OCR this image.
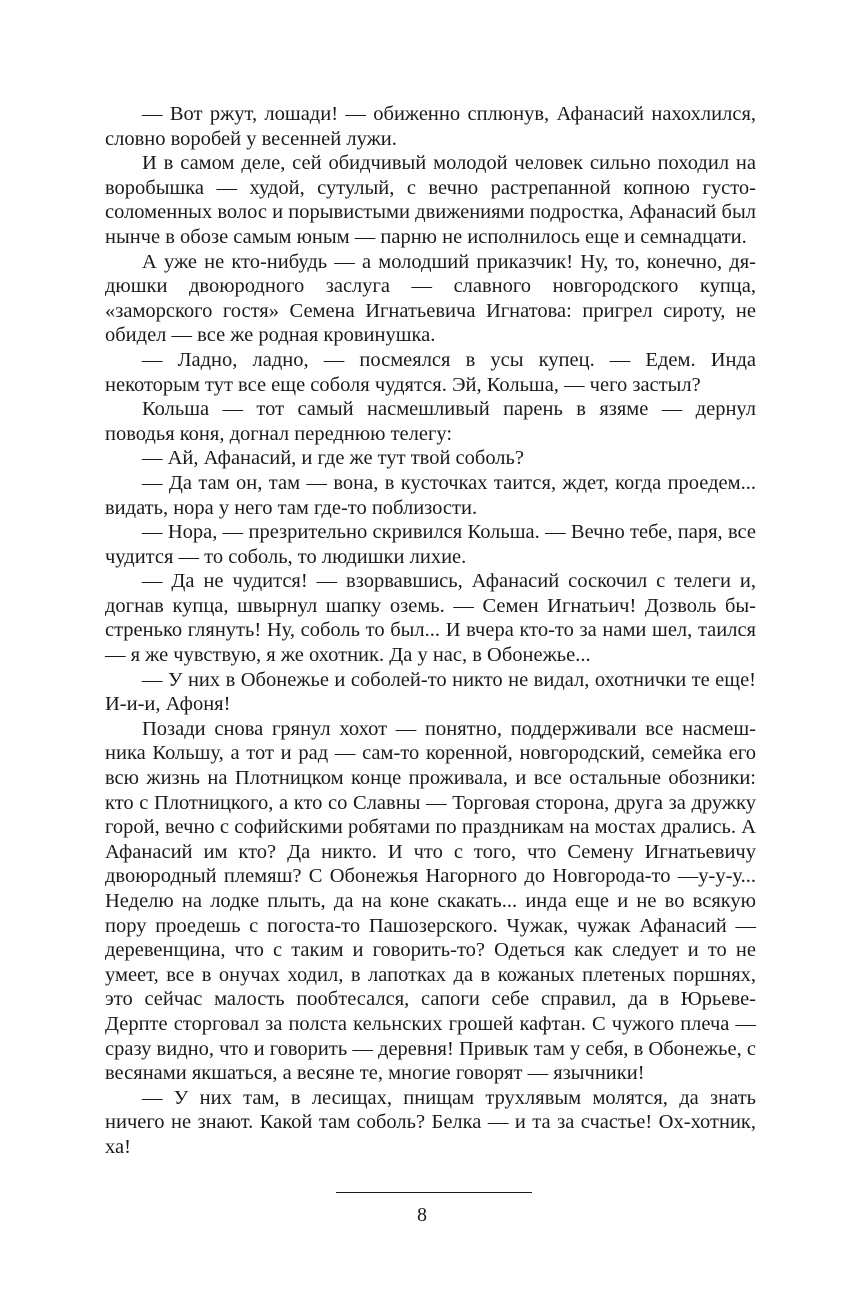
— Вот ржут, лошади! — обиженно сплюнув, Афанасий нахохлился, словно воробей у весенней лужи.

И в самом деле, сей обидчивый молодой человек сильно походил на воробышка — худой, сутулый, с вечно растрепанной копною густосоломенных волос и порывистыми движениями подростка, Афанасий был нынче в обозе самым юным — парню не исполнилось еще и семнадцати.

А уже не кто-нибудь — а молодший приказчик! Ну, то, конечно, дядюшки двоюродного заслуга — славного новгородского купца, «заморского гостя» Семена Игнатьевича Игнатова: пригрел сироту, не обидел — все же родная кровинушка.

— Ладно, ладно, — посмеялся в усы купец. — Едем. Инда некоторым тут все еще соболя чудятся. Эй, Кольша, — чего застыл?

Кольша — тот самый насмешливый парень в язяме — дернул поводья коня, догнал переднюю телегу:

— Ай, Афанасий, и где же тут твой соболь?

— Да там он, там — вона, в кусточках таится, ждет, когда проедем... видать, нора у него там где-то поблизости.

— Нора, — презрительно скривился Кольша. — Вечно тебе, паря, все чудится — то соболь, то людишки лихие.

— Да не чудится! — взорвавшись, Афанасий соскочил с телеги и, догнав купца, швырнул шапку оземь. — Семен Игнатьич! Дозволь быстренько глянуть! Ну, соболь то был... И вчера кто-то за нами шел, таился — я же чувствую, я же охотник. Да у нас, в Обонежье...

— У них в Обонежье и соболей-то никто не видал, охотнички те еще! И-и-и, Афоня!

Позади снова грянул хохот — понятно, поддерживали все насмешника Кольшу, а тот и рад — сам-то коренной, новгородский, семейка его всю жизнь на Плотницком конце проживала, и все остальные обозники: кто с Плотницкого, а кто со Славны — Торговая сторона, друга за дружку горой, вечно с софийскими робятами по праздникам на мостах дрались. А Афанасий им кто? Да никто. И что с того, что Семену Игнатьевичу двоюродный племяш? С Обонежья Нагорного до Новгорода-то —у-у-у... Неделю на лодке плыть, да на коне скакать... инда еще и не во всякую пору проедешь с погоста-то Пашозерского. Чужак, чужак Афанасий — деревенщина, что с таким и говорить-то? Одеться как следует и то не умеет, все в онучах ходил, в лапотках да в кожаных плетеных поршнях, это сейчас малость пообтесался, сапоги себе справил, да в Юрьеве-Дерпте сторговал за полста кельнских грошей кафтан. С чужого плеча — сразу видно, что и говорить — деревня! Привык там у себя, в Обонежье, с весянами якшаться, а весяне те, многие говорят — язычники!

— У них там, в лесищах, пнищам трухлявым молятся, да знать ничего не знают. Какой там соболь? Белка — и та за счастье! Ох-хотник, ха!

8
